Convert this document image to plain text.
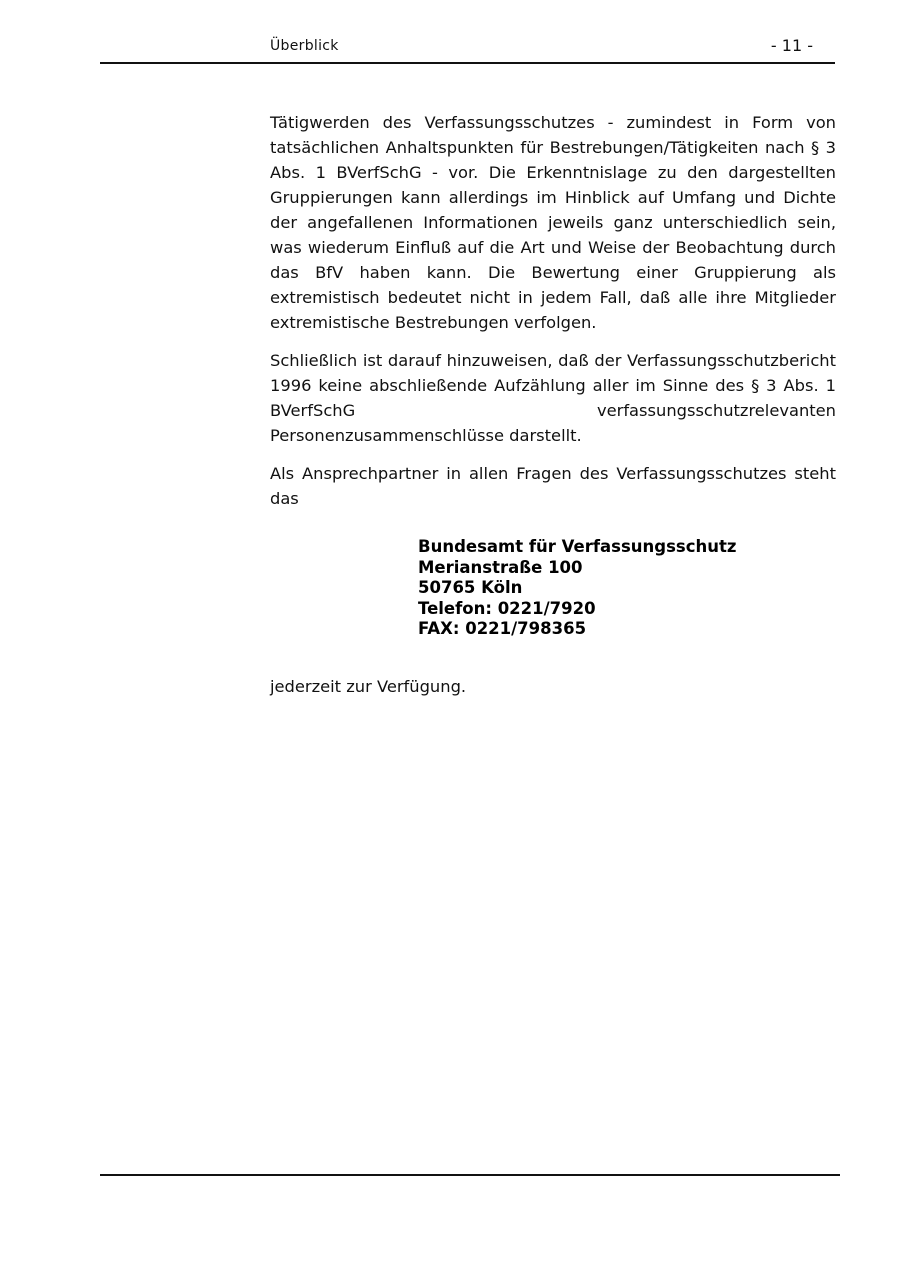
Überblick	- 11 -

Tätigwerden des Verfassungsschutzes - zumindest in Form von tatsächlichen Anhaltspunkten für Bestrebungen/Tätigkeiten nach § 3 Abs. 1 BVerfSchG - vor. Die Erkenntnislage zu den dargestellten Gruppierungen kann allerdings im Hinblick auf Umfang und Dichte der angefallenen Informationen jeweils ganz unterschiedlich sein, was wiederum Einfluß auf die Art und Weise der Beobachtung durch das BfV haben kann. Die Bewertung einer Gruppierung als extremistisch bedeutet nicht in jedem Fall, daß alle ihre Mitglieder extremistische Bestrebungen verfolgen.

Schließlich ist darauf hinzuweisen, daß der Verfassungsschutzbericht 1996 keine abschließende Aufzählung aller im Sinne des § 3 Abs. 1 BVerfSchG verfassungsschutzrelevanten Personenzusammenschlüsse darstellt.

Als Ansprechpartner in allen Fragen des Verfassungsschutzes steht das

Bundesamt für Verfassungsschutz
Merianstraße 100
50765 Köln
Telefon: 0221/7920
FAX: 0221/798365
jederzeit zur Verfügung.
